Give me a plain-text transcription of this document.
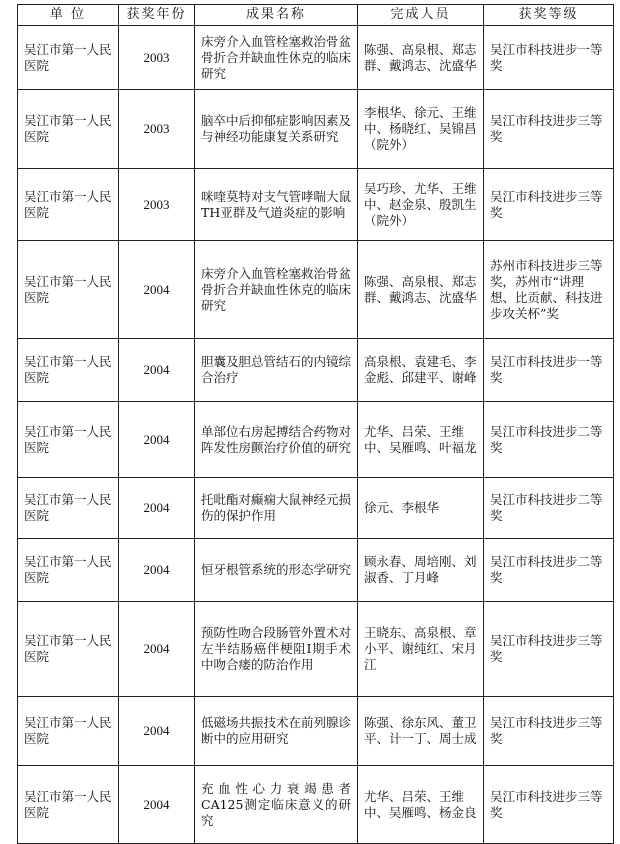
单 位	获奖年份	成果名称	完成人员	获奖等级
吴江市第一人民医院	2003	床旁介入血管栓塞救治骨盆骨折合并缺血性休克的临床研究	陈强、高泉根、郑志群、戴鸿志、沈盛华	吴江市科技进步一等奖
吴江市第一人民医院	2003	脑卒中后抑郁症影响因素及与神经功能康复关系研究	李根华、徐元、王维中、杨晓红、吴锦昌（院外）	吴江市科技进步三等奖
吴江市第一人民医院	2003	咪喹莫特对支气管哮喘大鼠TH亚群及气道炎症的影响	吴巧珍、尤华、王维中、赵金泉、殷凯生（院外）	吴江市科技进步三等奖
吴江市第一人民医院	2004	床旁介入血管栓塞救治骨盆骨折合并缺血性休克的临床研究	陈强、高泉根、郑志群、戴鸿志、沈盛华	苏州市科技进步三等奖，苏州市“讲理想、比贡献、科技进步攻关杯”奖
吴江市第一人民医院	2004	胆囊及胆总管结石的内镜综合治疗	高泉根、袁建毛、李金彪、邱建平、谢峰	吴江市科技进步一等奖
吴江市第一人民医院	2004	单部位右房起搏结合药物对阵发性房颤治疗价值的研究	尤华、吕荣、王维中、吴雁鸣、叶福龙	吴江市科技进步二等奖
吴江市第一人民医院	2004	托吡酯对癫痫大鼠神经元损伤的保护作用	徐元、李根华	吴江市科技进步二等奖
吴江市第一人民医院	2004	恒牙根管系统的形态学研究	顾永春、周培刚、刘淑香、丁月峰	吴江市科技进步二等奖
吴江市第一人民医院	2004	预防性吻合段肠管外置术对左半结肠癌伴梗阻Ⅰ期手术中吻合瘘的防治作用	王晓东、高泉根、章小平、谢纯红、宋月江	吴江市科技进步三等奖
吴江市第一人民医院	2004	低磁场共振技术在前列腺诊断中的应用研究	陈强、徐东风、董卫平、计一丁、周士成	吴江市科技进步三等奖
吴江市第一人民医院	2004	充血性心力衰竭患者CA125测定临床意义的研究	尤华、吕荣、王维中、吴雁鸣、杨金良	吴江市科技进步三等奖
